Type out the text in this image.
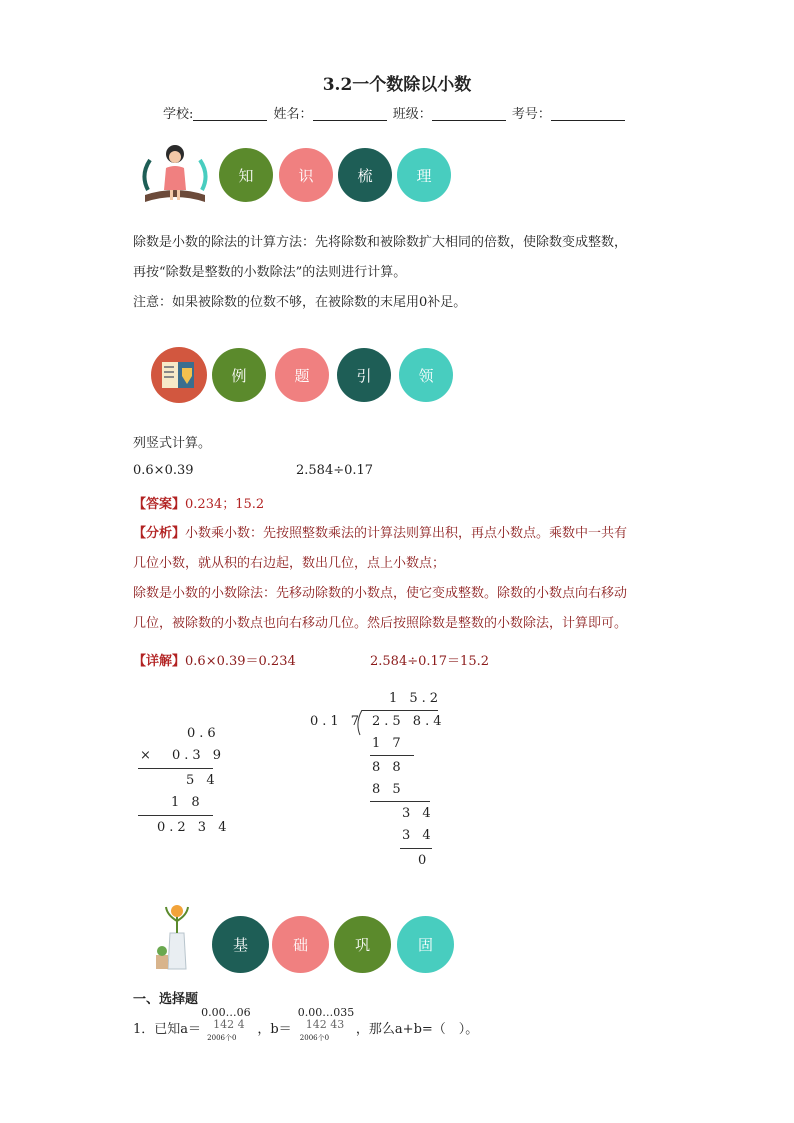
3.2一个数除以小数
学校:	姓名：	班级：	考号：
知	识	梳	理
除数是小数的除法的计算方法：先将除数和被除数扩大相同的倍数，使除数变成整数，
再按“除数是整数的小数除法”的法则进行计算。
注意：如果被除数的位数不够，在被除数的末尾用0补足。
例	题	引	领
列竖式计算。
0.6×0.39	2.584÷0.17
【答案】0.234；15.2
【分析】小数乘小数：先按照整数乘法的计算法则算出积，再点小数点。乘数中一共有
几位小数，就从积的右边起，数出几位，点上小数点；
除数是小数的小数除法：先移动除数的小数点，使它变成整数。除数的小数点向右移动
几位，被除数的小数点也向右移动几位。然后按照除数是整数的小数除法，计算即可。
【详解】0.6×0.39＝0.234	2.584÷0.17＝15.2
0.6
× 0.3 9
5 4
1 8
0.2 3 4
1 5.2
0.1 7 2.5 8.4
1 7
8 8
8 5
3 4
3 4
0
基	础	巩	固
一、选择题
1．已知a＝
0.00…06
142 4
2006个0
，b＝
0.00…035
142 43
2006个0
，那么a+b=（　）。
